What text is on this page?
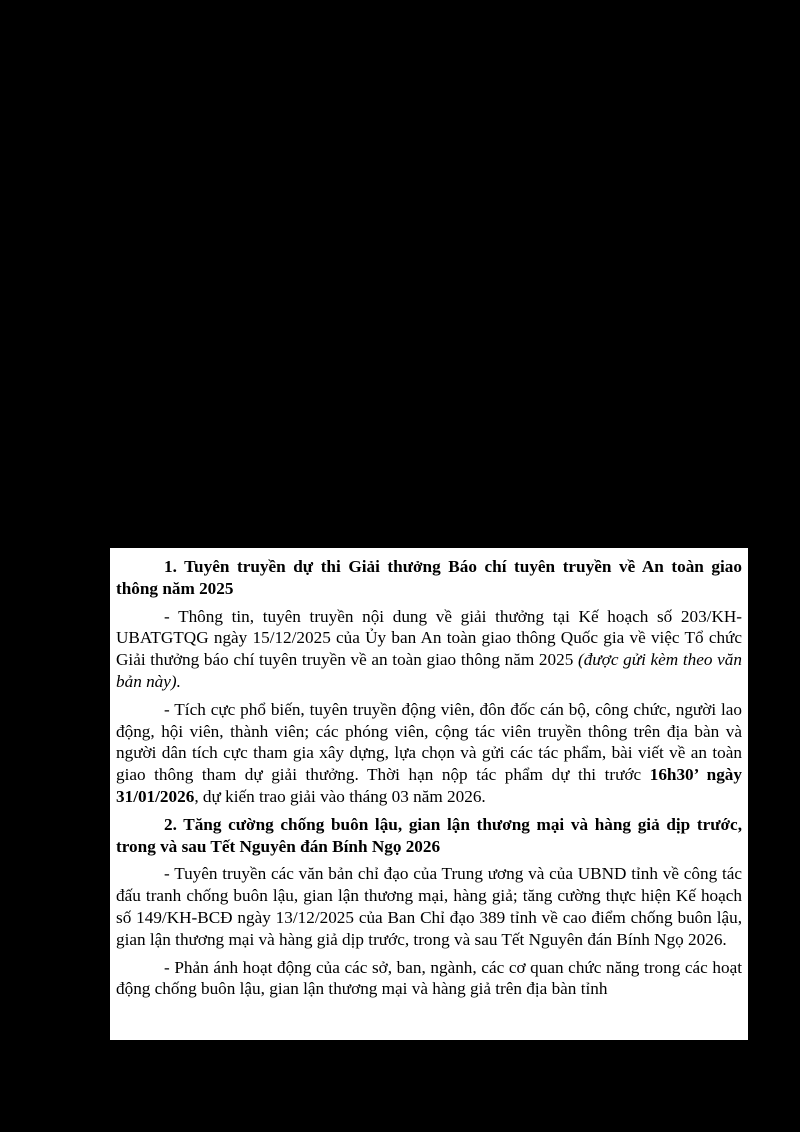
1. Tuyên truyền dự thi Giải thưởng Báo chí tuyên truyền về An toàn giao thông năm 2025

- Thông tin, tuyên truyền nội dung về giải thưởng tại Kế hoạch số 203/KH-UBATGTQG ngày 15/12/2025 của Ủy ban An toàn giao thông Quốc gia về việc Tổ chức Giải thưởng báo chí tuyên truyền về an toàn giao thông năm 2025 (được gửi kèm theo văn bản này).

- Tích cực phổ biến, tuyên truyền động viên, đôn đốc cán bộ, công chức, người lao động, hội viên, thành viên; các phóng viên, cộng tác viên truyền thông trên địa bàn và người dân tích cực tham gia xây dựng, lựa chọn và gửi các tác phẩm, bài viết về an toàn giao thông tham dự giải thưởng. Thời hạn nộp tác phẩm dự thi trước 16h30’ ngày 31/01/2026, dự kiến trao giải vào tháng 03 năm 2026.

2. Tăng cường chống buôn lậu, gian lận thương mại và hàng giả dịp trước, trong và sau Tết Nguyên đán Bính Ngọ 2026

- Tuyên truyền các văn bản chỉ đạo của Trung ương và của UBND tỉnh về công tác đấu tranh chống buôn lậu, gian lận thương mại, hàng giả; tăng cường thực hiện Kế hoạch số 149/KH-BCĐ ngày 13/12/2025 của Ban Chỉ đạo 389 tỉnh về cao điểm chống buôn lậu, gian lận thương mại và hàng giả dịp trước, trong và sau Tết Nguyên đán Bính Ngọ 2026.

- Phản ánh hoạt động của các sở, ban, ngành, các cơ quan chức năng trong các hoạt động chống buôn lậu, gian lận thương mại và hàng giả trên địa bàn tỉnh
